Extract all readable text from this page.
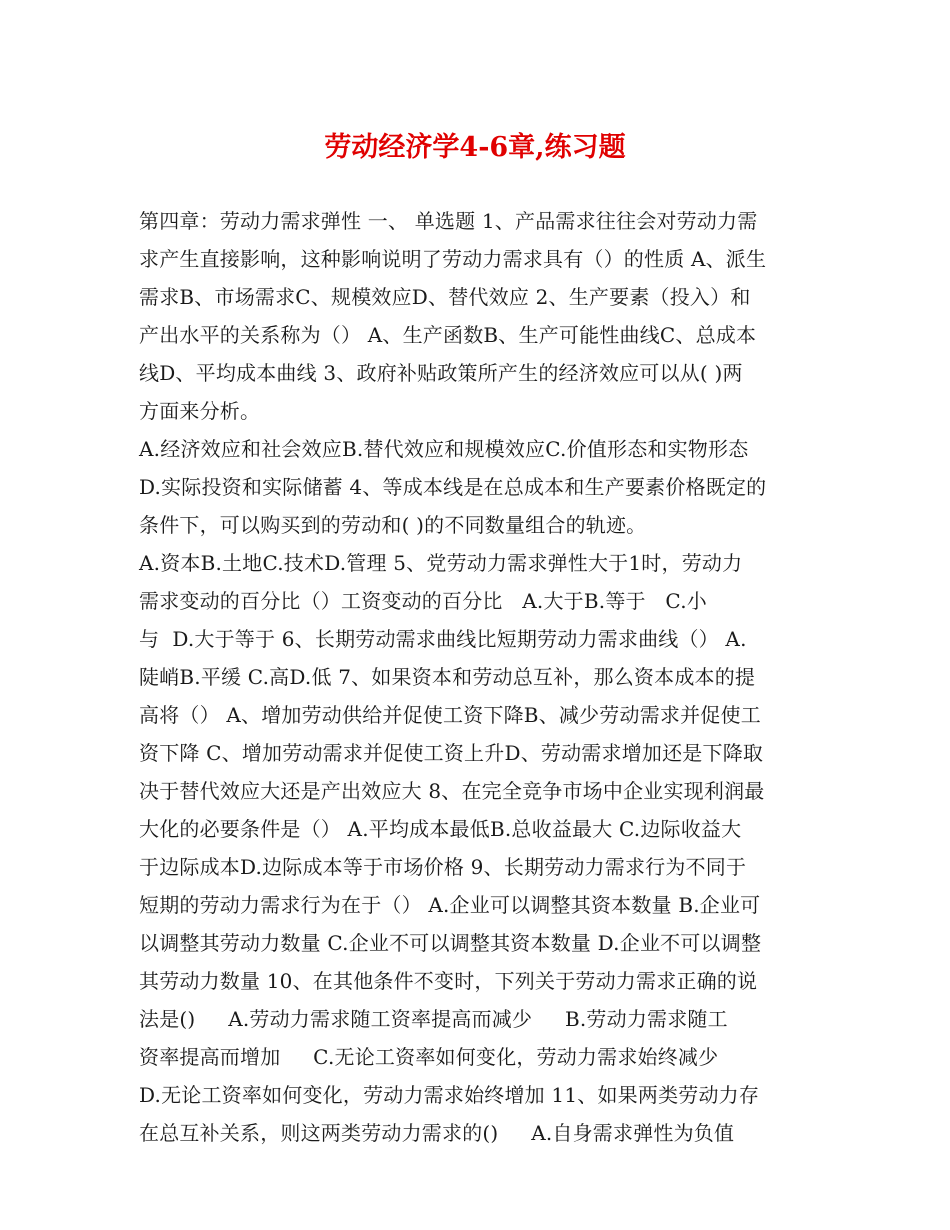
劳动经济学4-6章,练习题
第四章：劳动力需求弹性 一、 单选题 1、产品需求往往会对劳动力需
求产生直接影响，这种影响说明了劳动力需求具有（）的性质 A、派生
需求B、市场需求C、规模效应D、替代效应 2、生产要素（投入）和
产出水平的关系称为（） A、生产函数B、生产可能性曲线C、总成本
线D、平均成本曲线 3、政府补贴政策所产生的经济效应可以从( )两
方面来分析。
A.经济效应和社会效应B.替代效应和规模效应C.价值形态和实物形态
D.实际投资和实际储蓄 4、等成本线是在总成本和生产要素价格既定的
条件下，可以购买到的劳动和( )的不同数量组合的轨迹。
A.资本B.土地C.技术D.管理 5、党劳动力需求弹性大于1时，劳动力
需求变动的百分比（）工资变动的百分比   A.大于B.等于   C.小
与  D.大于等于 6、长期劳动需求曲线比短期劳动力需求曲线（） A.
陡峭B.平缓 C.高D.低 7、如果资本和劳动总互补，那么资本成本的提
高将（） A、增加劳动供给并促使工资下降B、减少劳动需求并促使工
资下降 C、增加劳动需求并促使工资上升D、劳动需求增加还是下降取
决于替代效应大还是产出效应大 8、在完全竞争市场中企业实现利润最
大化的必要条件是（） A.平均成本最低B.总收益最大 C.边际收益大
于边际成本D.边际成本等于市场价格 9、长期劳动力需求行为不同于
短期的劳动力需求行为在于（） A.企业可以调整其资本数量 B.企业可
以调整其劳动力数量 C.企业不可以调整其资本数量 D.企业不可以调整
其劳动力数量 10、在其他条件不变时，下列关于劳动力需求正确的说
法是()     A.劳动力需求随工资率提高而减少     B.劳动力需求随工
资率提高而增加     C.无论工资率如何变化，劳动力需求始终减少
D.无论工资率如何变化，劳动力需求始终增加 11、如果两类劳动力存
在总互补关系，则这两类劳动力需求的()     A.自身需求弹性为负值
